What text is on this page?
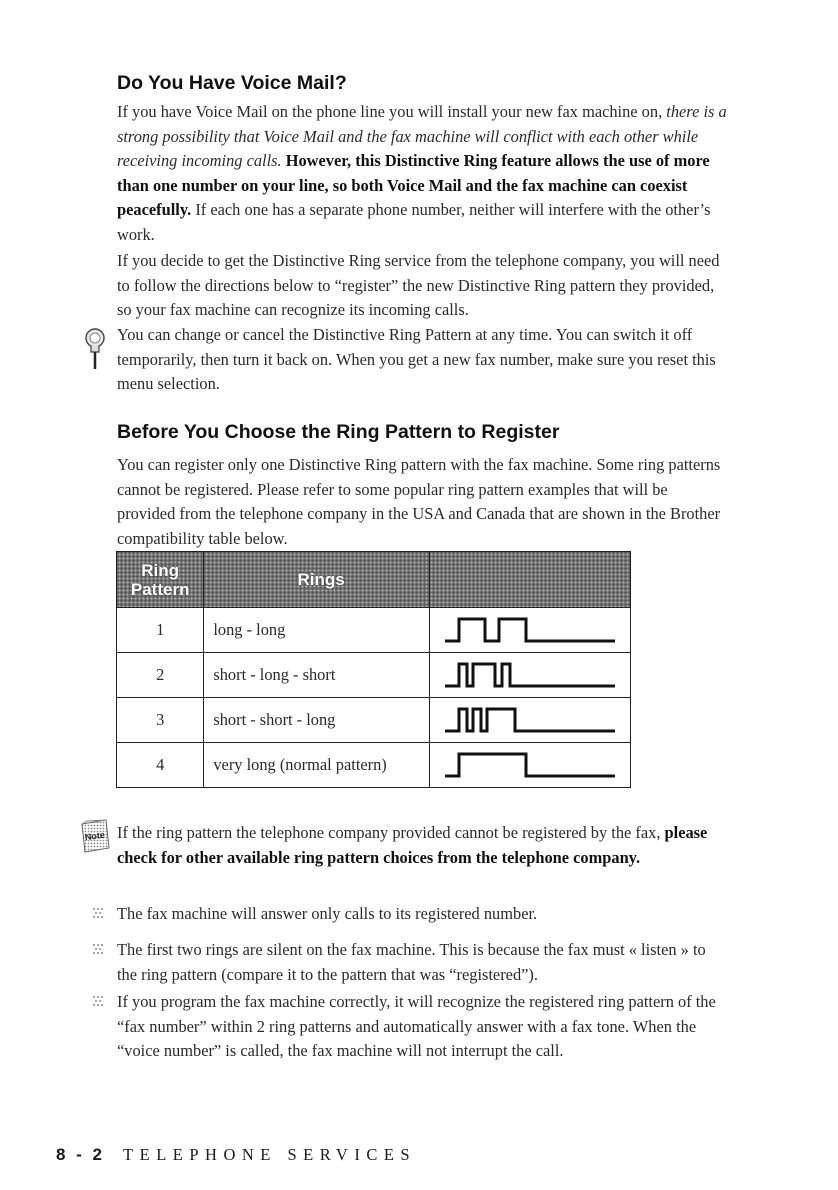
Do You Have Voice Mail?

If you have Voice Mail on the phone line you will install your new fax machine on, there is a strong possibility that Voice Mail and the fax machine will conflict with each other while receiving incoming calls. However, this Distinctive Ring feature allows the use of more than one number on your line, so both Voice Mail and the fax machine can coexist peacefully. If each one has a separate phone number, neither will interfere with the other’s work.

If you decide to get the Distinctive Ring service from the telephone company, you will need to follow the directions below to “register” the new Distinctive Ring pattern they provided, so your fax machine can recognize its incoming calls.

You can change or cancel the Distinctive Ring Pattern at any time. You can switch it off temporarily, then turn it back on. When you get a new fax number, make sure you reset this menu selection.

Before You Choose the Ring Pattern to Register

You can register only one Distinctive Ring pattern with the fax machine. Some ring patterns cannot be registered. Please refer to some popular ring pattern examples that will be provided from the telephone company in the USA and Canada that are shown in the Brother compatibility table below.

Ring
Pattern	Rings	
1	long - long	

2	short - long - short	

3	short - short - long	

4	very long (normal pattern)	
Note If the ring pattern the telephone company provided cannot be registered by the fax, please check for other available ring pattern choices from the telephone company.

The fax machine will answer only calls to its registered number.

The first two rings are silent on the fax machine. This is because the fax must « listen » to the ring pattern (compare it to the pattern that was “registered”).

If you program the fax machine correctly, it will recognize the registered ring pattern of the “fax number” within 2 ring patterns and automatically answer with a fax tone. When the “voice number” is called, the fax machine will not interrupt the call.

8 - 2 TELEPHONE SERVICES
